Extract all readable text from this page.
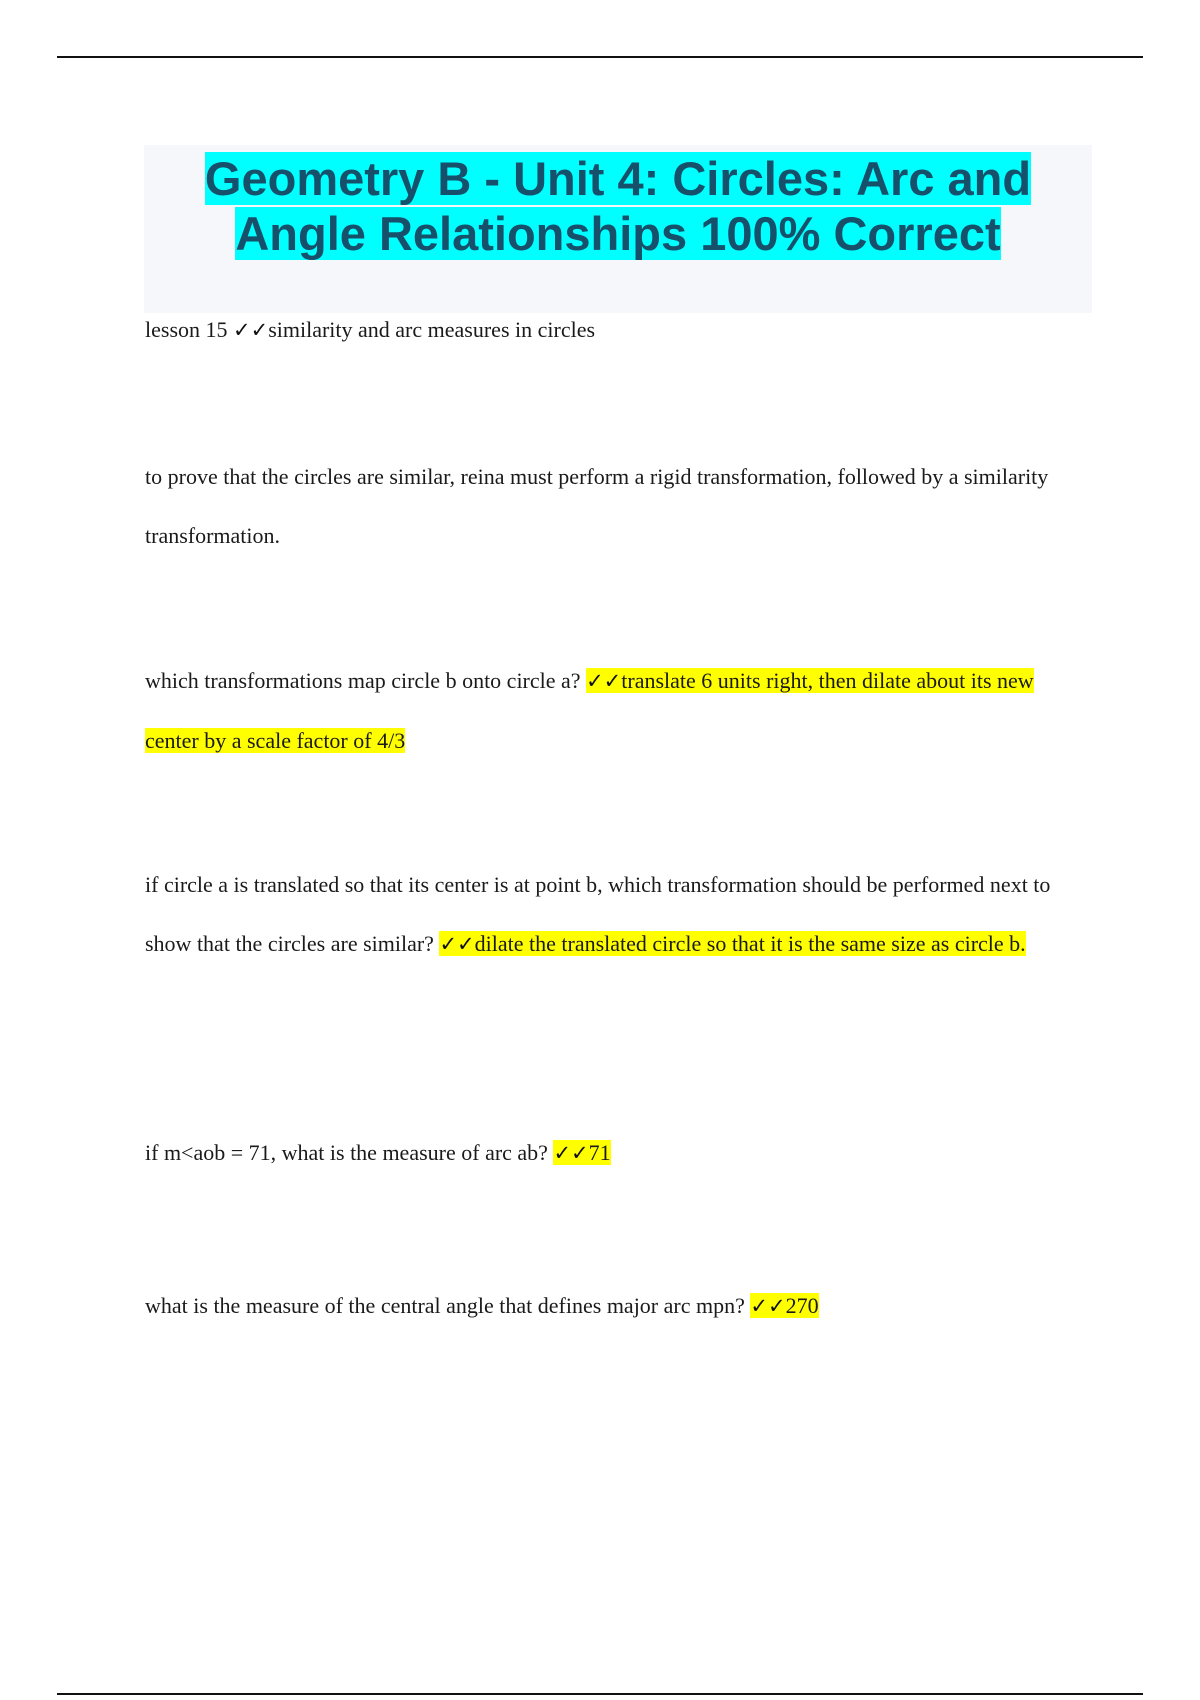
Geometry B - Unit 4: Circles: Arc and
Angle Relationships 100% Correct
lesson 15 ✓✓similarity and arc measures in circles
to prove that the circles are similar, reina must perform a rigid transformation, followed by a similarity transformation.
which transformations map circle b onto circle a? ✓✓translate 6 units right, then dilate about its new center by a scale factor of 4/3
if circle a is translated so that its center is at point b, which transformation should be performed next to show that the circles are similar? ✓✓dilate the translated circle so that it is the same size as circle b.
if m<aob = 71, what is the measure of arc ab? ✓✓71
what is the measure of the central angle that defines major arc mpn? ✓✓270
